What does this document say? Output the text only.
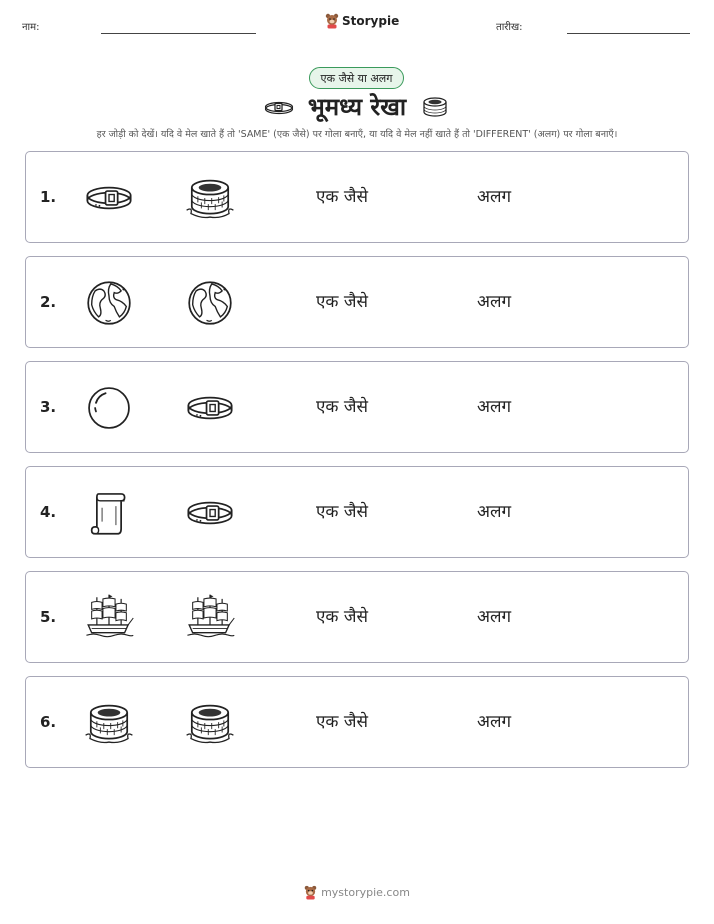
नाम:	Storypie	तारीख:
एक जैसे या अलग
भूमध्य रेखा
हर जोड़ी को देखें। यदि वे मेल खाते हैं तो 'SAME' (एक जैसे) पर गोला बनाएँ, या यदि वे मेल नहीं खाते हैं तो 'DIFFERENT' (अलग) पर गोला बनाएँ।
1.	एक जैसे	अलग
2.	एक जैसे	अलग
3.	एक जैसे	अलग
4.	एक जैसे	अलग
5.	एक जैसे	अलग
6.	एक जैसे	अलग
mystorypie.com
